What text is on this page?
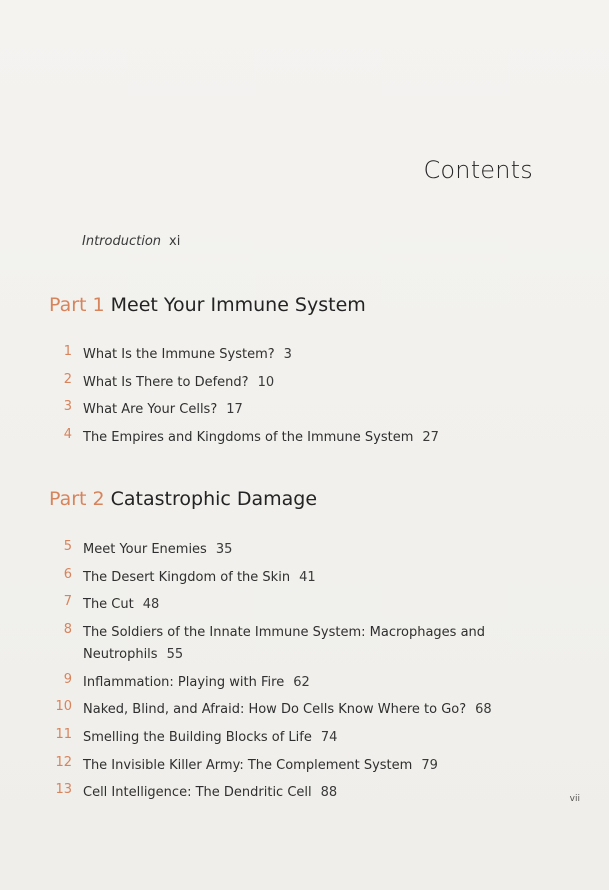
Contents
Introduction xi
Part 1 Meet Your Immune System
1 What Is the Immune System? 3
2 What Is There to Defend? 10
3 What Are Your Cells? 17
4 The Empires and Kingdoms of the Immune System 27
Part 2 Catastrophic Damage
5 Meet Your Enemies 35
6 The Desert Kingdom of the Skin 41
7 The Cut 48
8 The Soldiers of the Innate Immune System: Macrophages and Neutrophils 55
9 Inflammation: Playing with Fire 62
10 Naked, Blind, and Afraid: How Do Cells Know Where to Go? 68
11 Smelling the Building Blocks of Life 74
12 The Invisible Killer Army: The Complement System 79
13 Cell Intelligence: The Dendritic Cell 88	vii
